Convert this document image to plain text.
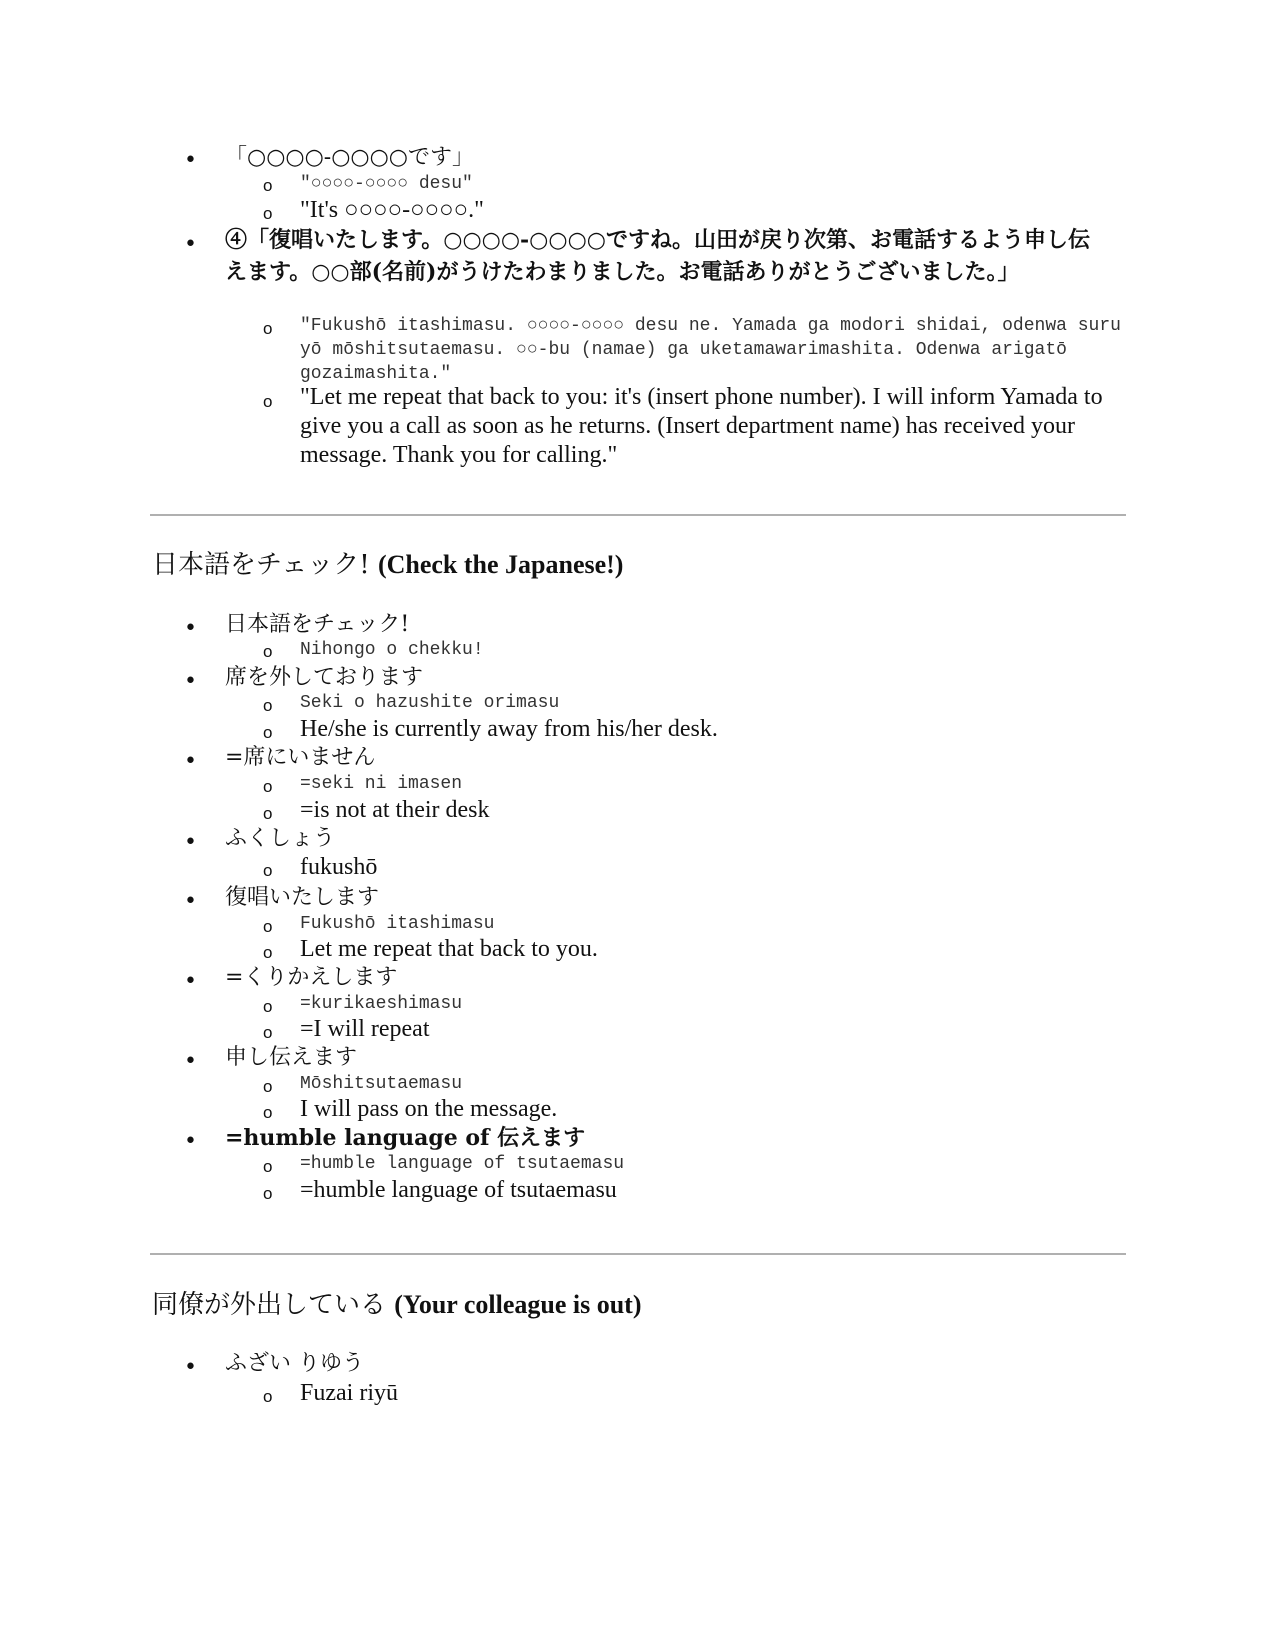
• 「○○○○-○○○○です」
o "○○○○-○○○○ desu"
o "It's ○○○○-○○○○."
• ④「復唱いたします。○○○○-○○○○ですね。山田が戻り次第、お電話するよう申し伝えます。○○部(名前)がうけたわまりました。お電話ありがとうございました。」
o "Fukushō itashimasu. ○○○○-○○○○ desu ne. Yamada ga modori shidai, odenwa suru yō mōshitsutaemasu. ○○-bu (namae) ga uketamawarimashita. Odenwa arigatō gozaimashita."
o "Let me repeat that back to you: it's (insert phone number). I will inform Yamada to give you a call as soon as he returns. (Insert department name) has received your message. Thank you for calling."
日本語をチェック! (Check the Japanese!)
• 日本語をチェック!
o Nihongo o chekku!
• 席を外しております
o Seki o hazushite orimasu
o He/she is currently away from his/her desk.
• =席にいません
o =seki ni imasen
o =is not at their desk
• ふくしょう
o fukushō
• 復唱いたします
o Fukushō itashimasu
o Let me repeat that back to you.
• =くりかえします
o =kurikaeshimasu
o =I will repeat
• 申し伝えます
o Mōshitsutaemasu
o I will pass on the message.
• =humble language of 伝えます
o =humble language of tsutaemasu
o =humble language of tsutaemasu
同僚が外出している (Your colleague is out)
• ふざい りゆう
o Fuzai riyū
